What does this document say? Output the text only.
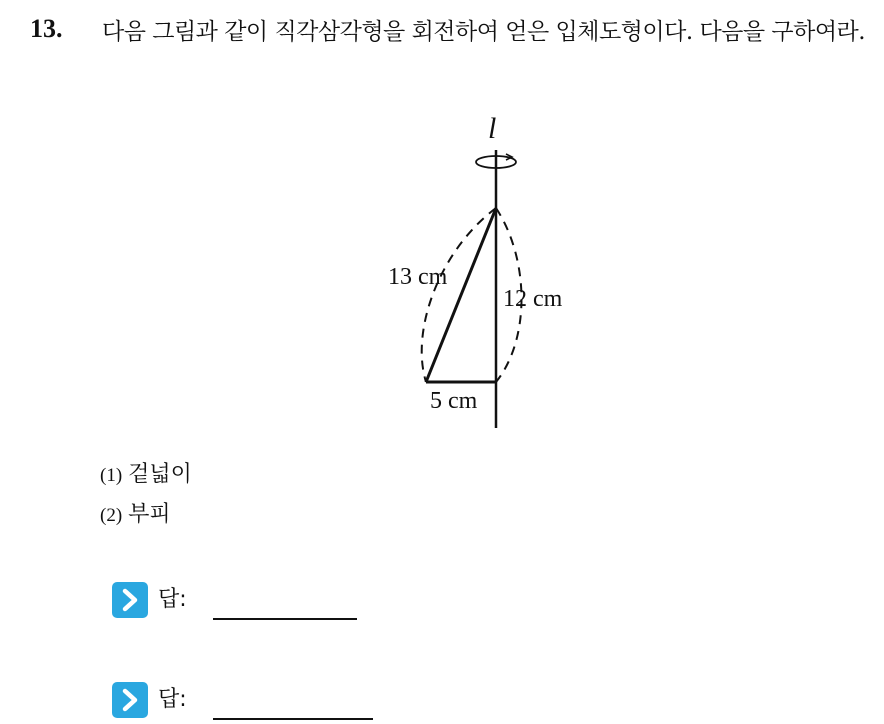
13. 다음 그림과 같이 직각삼각형을 회전하여 얻은 입체도형이다. 다음을 구하여라.
l
13 cm
12 cm
5 cm
(1) 겉넓이
(2) 부피
답:
답:
